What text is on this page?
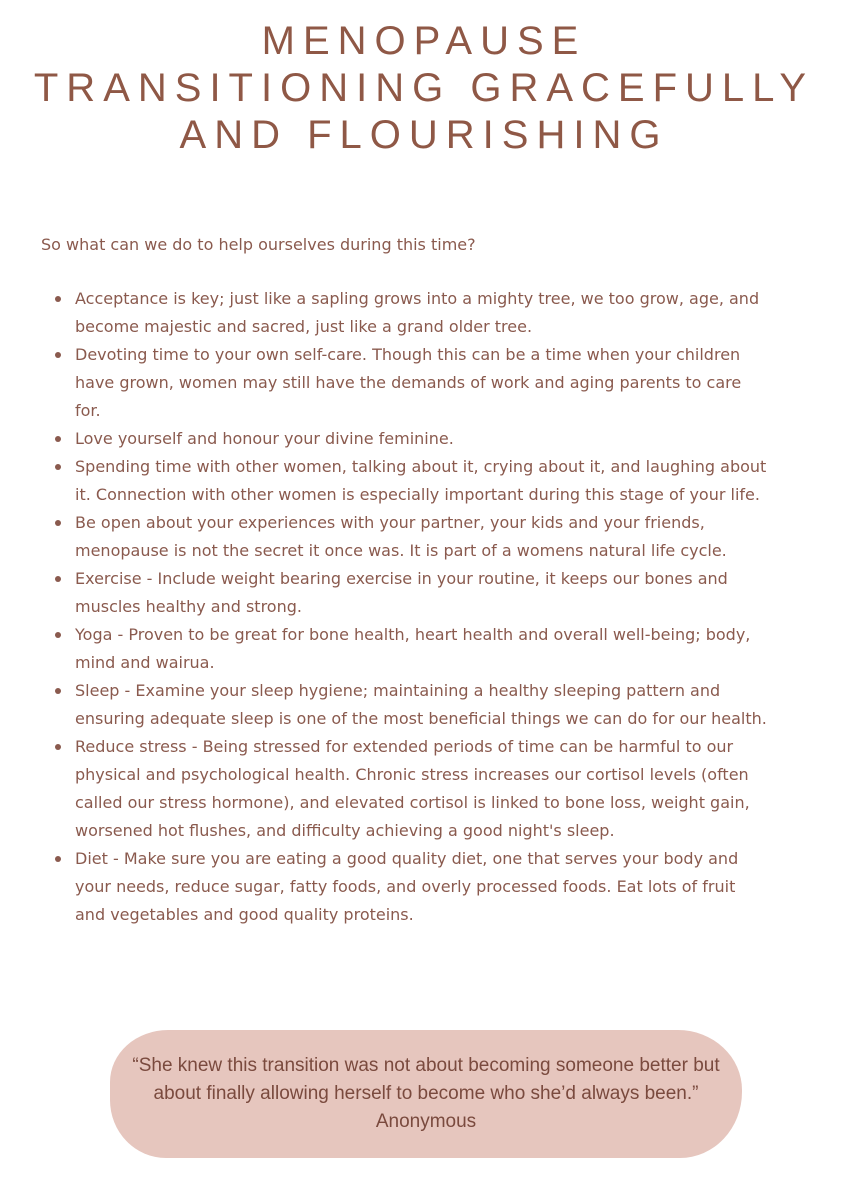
MENOPAUSE
TRANSITIONING GRACEFULLY
AND FLOURISHING

So what can we do to help ourselves during this time?

Acceptance is key; just like a sapling grows into a mighty tree, we too grow, age, and
become majestic and sacred, just like a grand older tree.
Devoting time to your own self-care. Though this can be a time when your children
have grown, women may still have the demands of work and aging parents to care
for.
Love yourself and honour your divine feminine.
Spending time with other women, talking about it, crying about it, and laughing about
it. Connection with other women is especially important during this stage of your life.
Be open about your experiences with your partner, your kids and your friends,
menopause is not the secret it once was. It is part of a womens natural life cycle.
Exercise - Include weight bearing exercise in your routine, it keeps our bones and
muscles healthy and strong.
Yoga - Proven to be great for bone health, heart health and overall well-being; body,
mind and wairua.
Sleep - Examine your sleep hygiene; maintaining a healthy sleeping pattern and
ensuring adequate sleep is one of the most beneficial things we can do for our health.
Reduce stress - Being stressed for extended periods of time can be harmful to our
physical and psychological health. Chronic stress increases our cortisol levels (often
called our stress hormone), and elevated cortisol is linked to bone loss, weight gain,
worsened hot flushes, and difficulty achieving a good night's sleep.
Diet - Make sure you are eating a good quality diet, one that serves your body and
your needs, reduce sugar, fatty foods, and overly processed foods. Eat lots of fruit
and vegetables and good quality proteins.
“She knew this transition was not about becoming someone better but
about finally allowing herself to become who she’d always been.”
Anonymous
